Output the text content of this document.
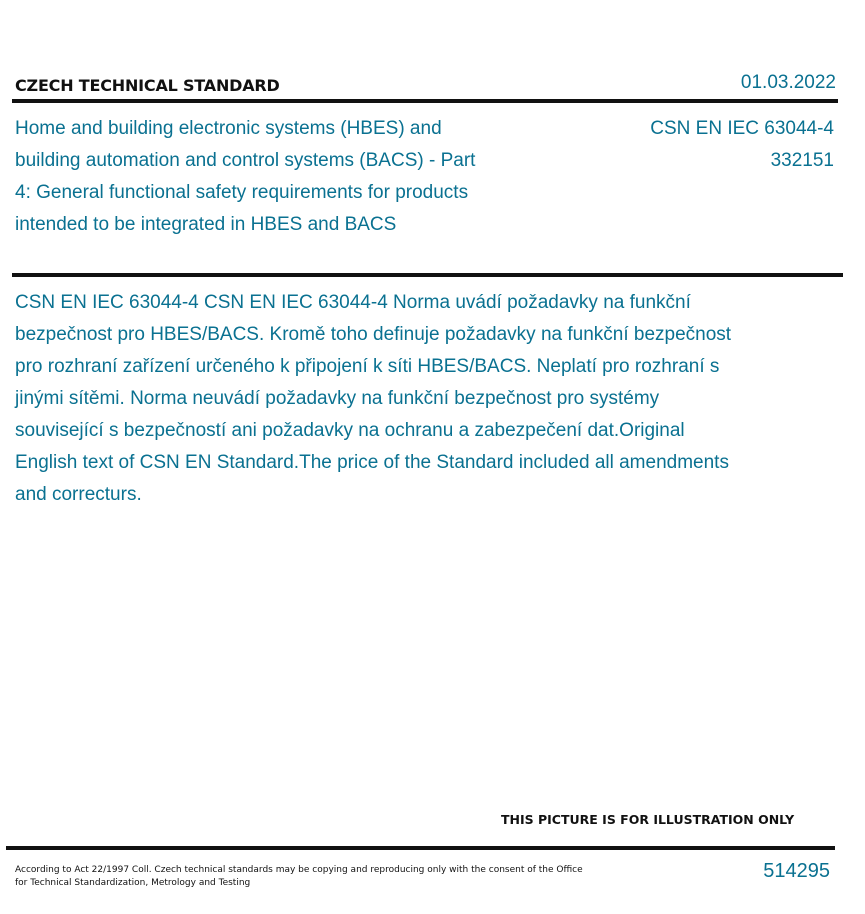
CZECH TECHNICAL STANDARD	01.03.2022
Home and building electronic systems (HBES) and building automation and control systems (BACS) - Part 4: General functional safety requirements for products intended to be integrated in HBES and BACS
CSN EN IEC 63044-4
332151
CSN EN IEC 63044-4 CSN EN IEC 63044-4 Norma uvádí požadavky na funkční bezpečnost pro HBES/BACS. Kromě toho definuje požadavky na funkční bezpečnost pro rozhraní zařízení určeného k připojení k síti HBES/BACS. Neplatí pro rozhraní s jinými sítěmi. Norma neuvádí požadavky na funkční bezpečnost pro systémy související s bezpečností ani požadavky na ochranu a zabezpečení dat.Original English text of CSN EN Standard.The price of the Standard included all amendments and correcturs.
THIS PICTURE IS FOR ILLUSTRATION ONLY
According to Act 22/1997 Coll. Czech technical standards may be copying and reproducing only with the consent of the Office
for Technical Standardization, Metrology and Testing
514295
